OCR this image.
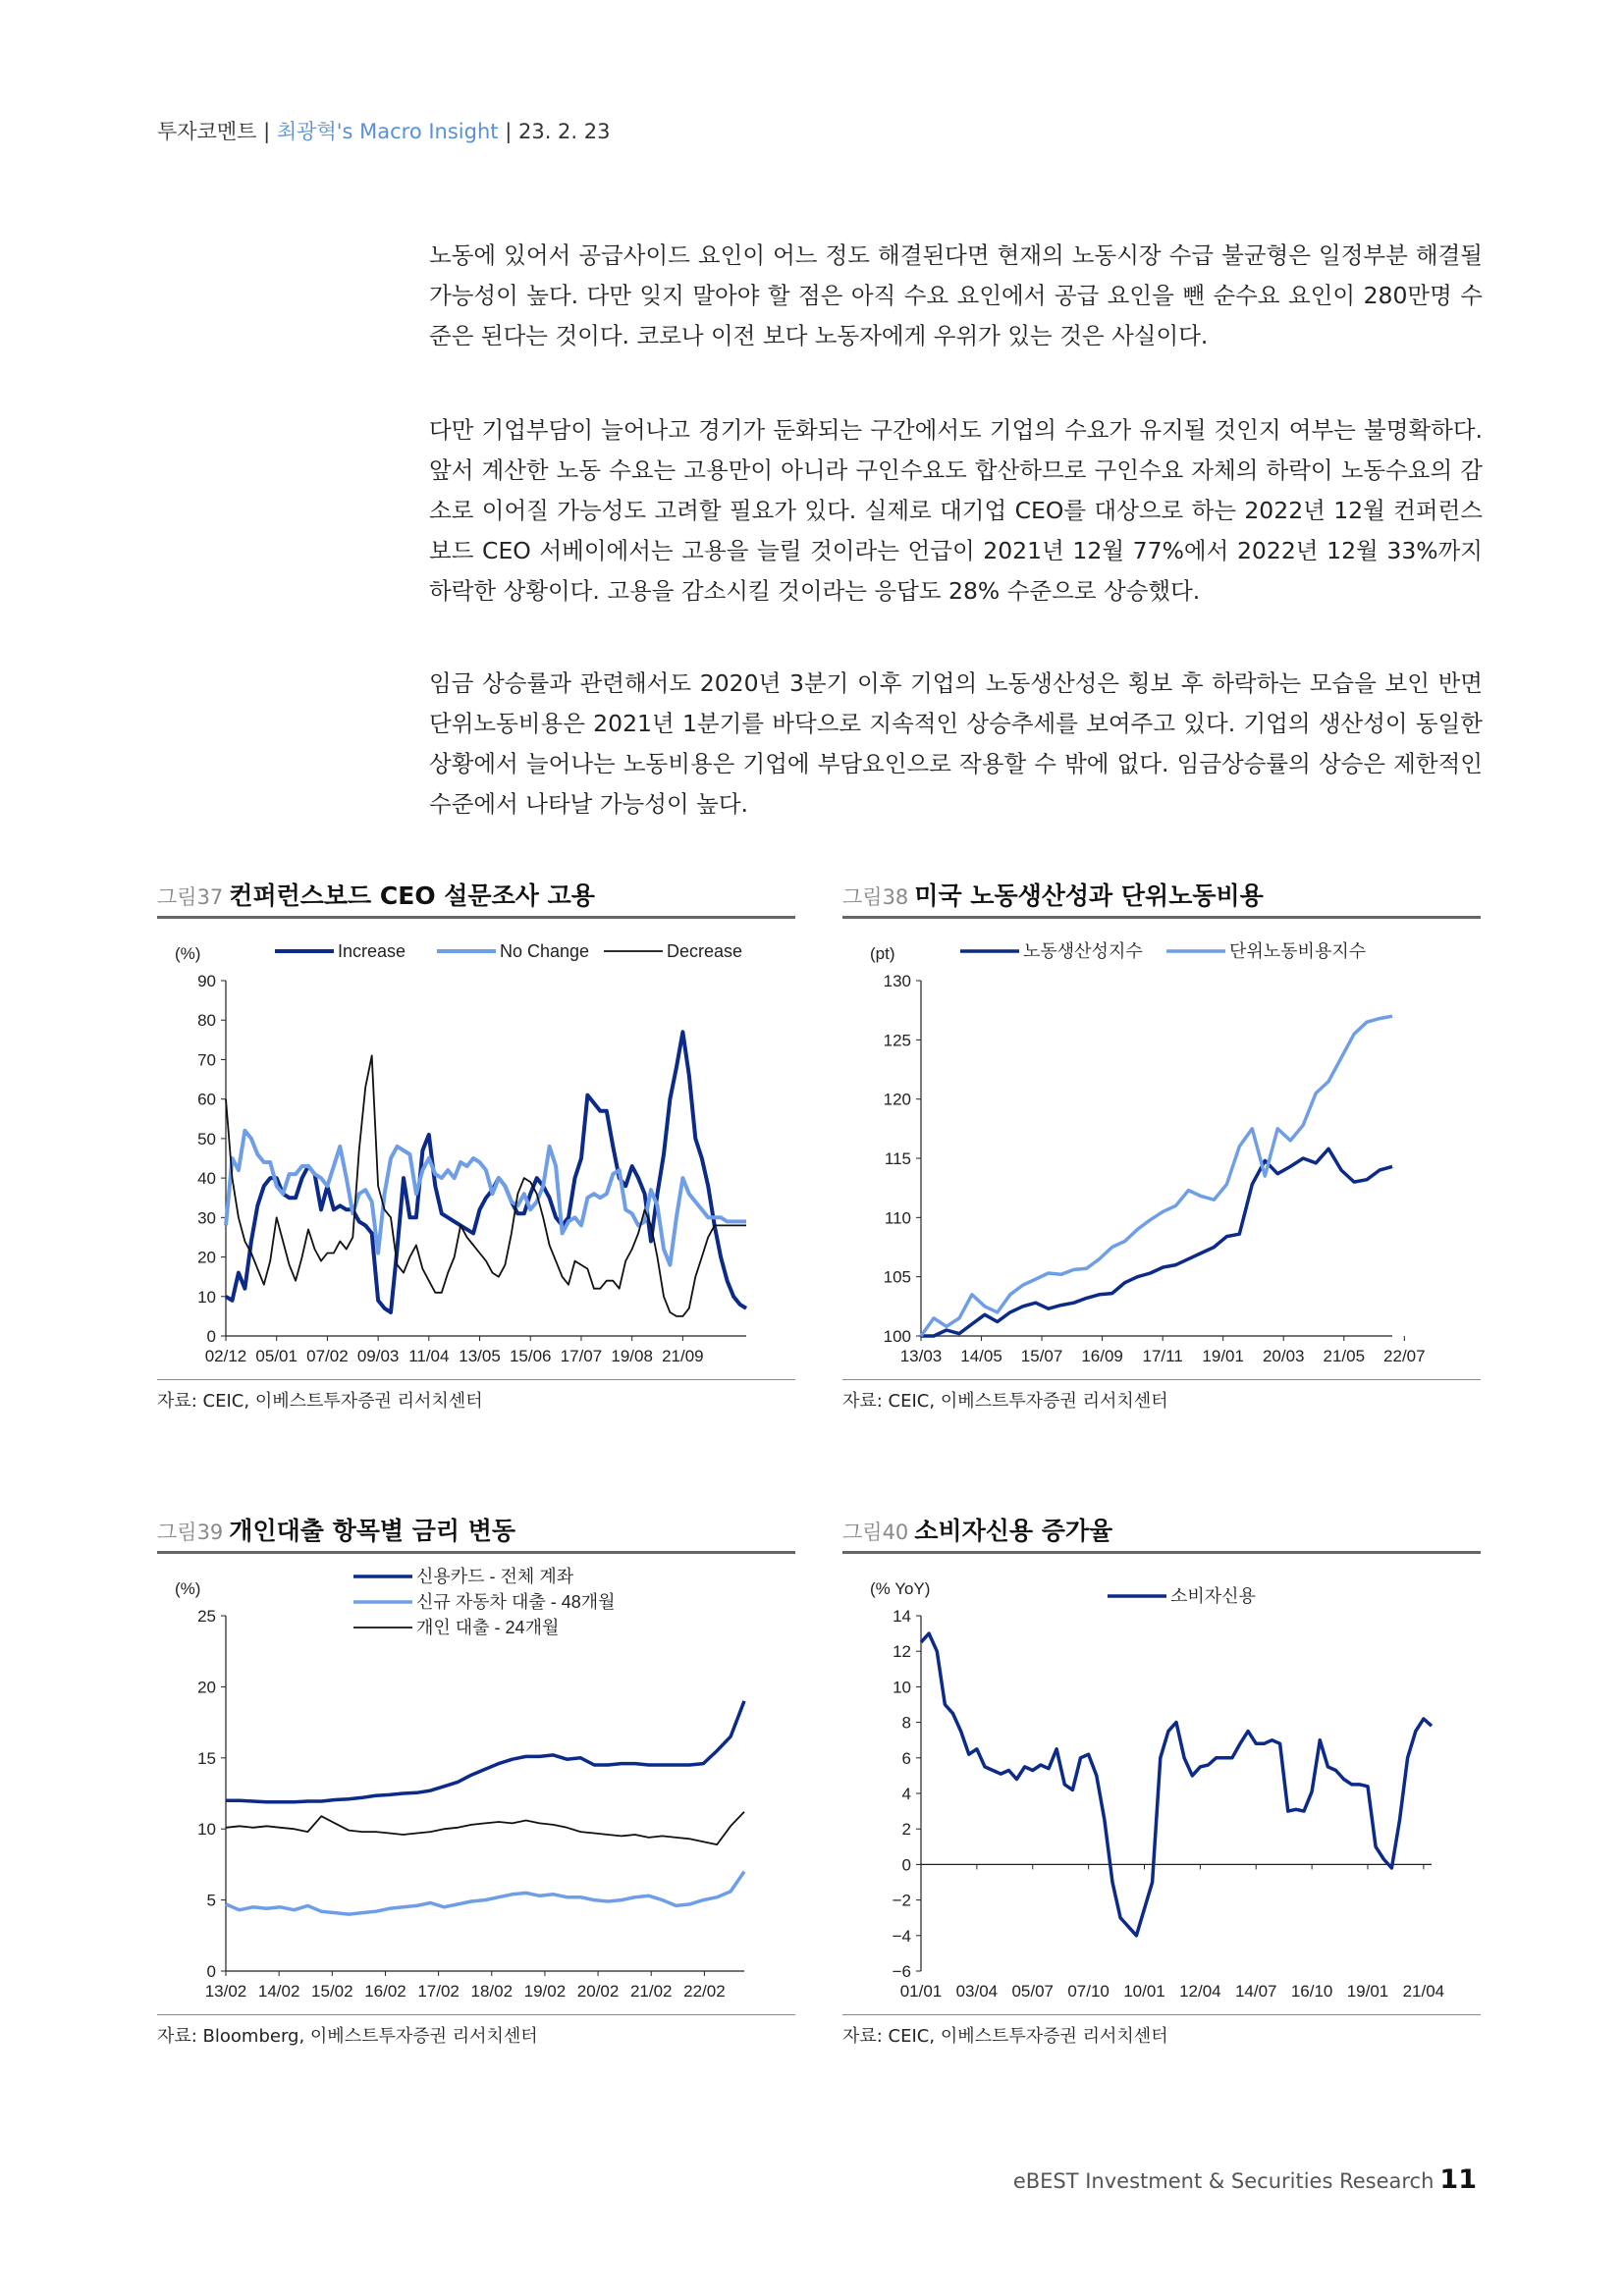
투자코멘트 | 최광혁's Macro Insight | 23. 2. 23
노동에 있어서 공급사이드 요인이 어느 정도 해결된다면 현재의 노동시장 수급 불균형은 일정부분 해결될 가능성이 높다. 다만 잊지 말아야 할 점은 아직 수요 요인에서 공급 요인을 뺀 순수요 요인이 280만명 수준은 된다는 것이다. 코로나 이전 보다 노동자에게 우위가 있는 것은 사실이다.
다만 기업부담이 늘어나고 경기가 둔화되는 구간에서도 기업의 수요가 유지될 것인지 여부는 불명확하다. 앞서 계산한 노동 수요는 고용만이 아니라 구인수요도 합산하므로 구인수요 자체의 하락이 노동수요의 감소로 이어질 가능성도 고려할 필요가 있다. 실제로 대기업 CEO를 대상으로 하는 2022년 12월 컨퍼런스 보드 CEO 서베이에서는 고용을 늘릴 것이라는 언급이 2021년 12월 77%에서 2022년 12월 33%까지 하락한 상황이다. 고용을 감소시킬 것이라는 응답도 28% 수준으로 상승했다.
임금 상승률과 관련해서도 2020년 3분기 이후 기업의 노동생산성은 횡보 후 하락하는 모습을 보인 반면 단위노동비용은 2021년 1분기를 바닥으로 지속적인 상승추세를 보여주고 있다. 기업의 생산성이 동일한 상황에서 늘어나는 노동비용은 기업에 부담요인으로 작용할 수 밖에 없다. 임금상승률의 상승은 제한적인 수준에서 나타날 가능성이 높다.
그림37 컨퍼런스보드 CEO 설문조사 고용
(%)
0
10
20
30
40
50
60
70
80
90
02/12 05/01 07/02 09/03 11/04 13/05 15/06 17/07 19/08 21/09
Increase	No Change	Decrease
자료: CEIC, 이베스트투자증권 리서치센터
그림38 미국 노동생산성과 단위노동비용
(pt)
100
105
110
115
120
125
130
13/03 14/05 15/07 16/09 17/11 19/01 20/03 21/05 22/07
노동생산성지수	단위노동비용지수
자료: CEIC, 이베스트투자증권 리서치센터
그림39 개인대출 항목별 금리 변동
(%)
0
5
10
15
20
25
13/02 14/02 15/02 16/02 17/02 18/02 19/02 20/02 21/02 22/02
신용카드 - 전체 계좌
신규 자동차 대출 - 48개월
개인 대출 - 24개월
자료: Bloomberg, 이베스트투자증권 리서치센터
그림40 소비자신용 증가율
(% YoY)
−6
−4
−2
0
2
4
6
8
10
12
14
01/01 03/04 05/07 07/10 10/01 12/04 14/07 16/10 19/01 21/04
소비자신용
자료: CEIC, 이베스트투자증권 리서치센터
eBEST Investment & Securities Research 11
